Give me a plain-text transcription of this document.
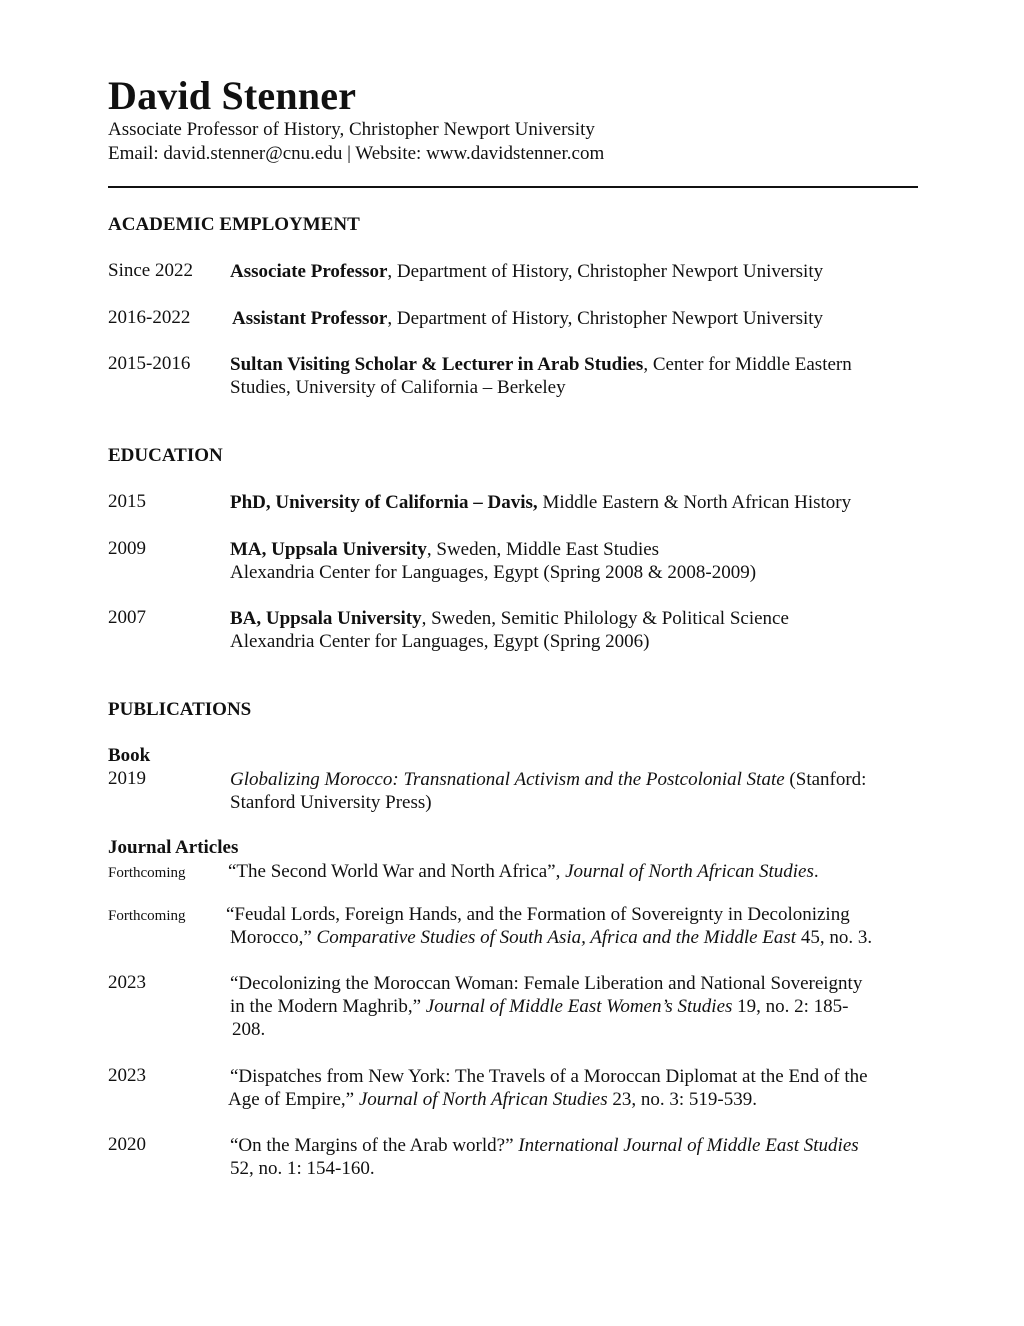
David Stenner
Associate Professor of History, Christopher Newport University
Email: david.stenner@cnu.edu | Website: www.davidstenner.com
ACADEMIC EMPLOYMENT
Since 2022 Associate Professor, Department of History, Christopher Newport University
2016-2022 Assistant Professor, Department of History, Christopher Newport University
2015-2016 Sultan Visiting Scholar & Lecturer in Arab Studies, Center for Middle Eastern
Studies, University of California – Berkeley
EDUCATION
2015	PhD, University of California – Davis, Middle Eastern & North African History
2009	MA, Uppsala University, Sweden, Middle East Studies
Alexandria Center for Languages, Egypt (Spring 2008 & 2008-2009)
2007	BA, Uppsala University, Sweden, Semitic Philology & Political Science
Alexandria Center for Languages, Egypt (Spring 2006)
PUBLICATIONS
Book
2019	Globalizing Morocco: Transnational Activism and the Postcolonial State (Stanford:
Stanford University Press)
Journal Articles
Forthcoming “The Second World War and North Africa”, Journal of North African Studies.
Forthcoming “Feudal Lords, Foreign Hands, and the Formation of Sovereignty in Decolonizing
Morocco,” Comparative Studies of South Asia, Africa and the Middle East 45, no. 3.
2023	“Decolonizing the Moroccan Woman: Female Liberation and National Sovereignty
in the Modern Maghrib,” Journal of Middle East Women’s Studies 19, no. 2: 185-
208.
2023	“Dispatches from New York: The Travels of a Moroccan Diplomat at the End of the
Age of Empire,” Journal of North African Studies 23, no. 3: 519-539.
2020	“On the Margins of the Arab world?” International Journal of Middle East Studies
52, no. 1: 154-160.
